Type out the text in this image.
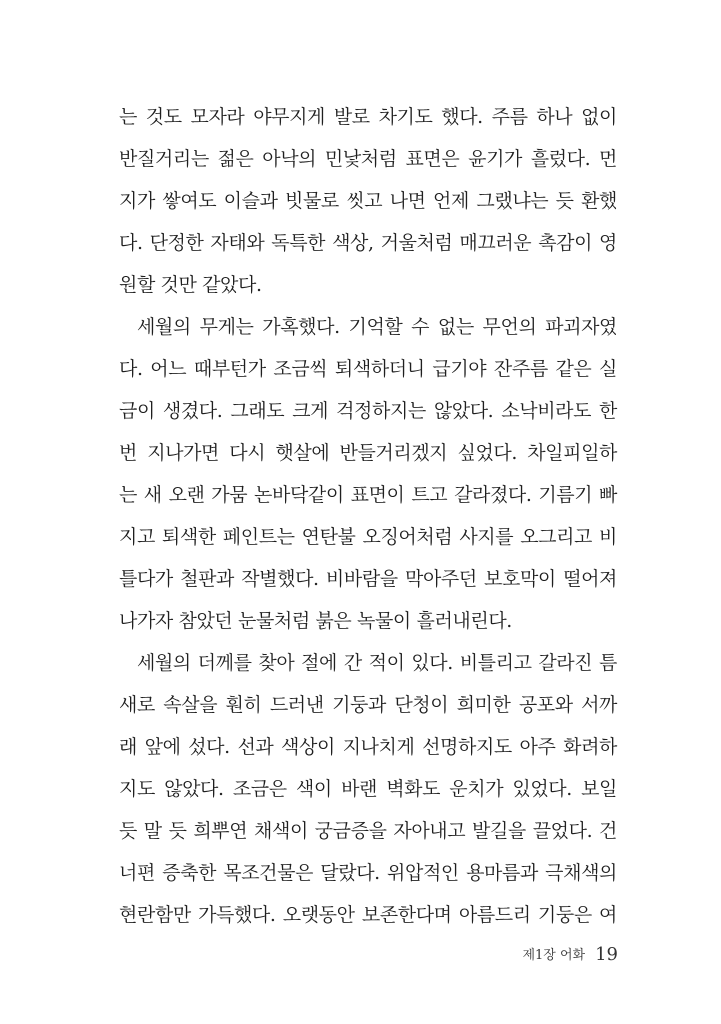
는 것도 모자라 야무지게 발로 차기도 했다. 주름 하나 없이
반질거리는 젊은 아낙의 민낯처럼 표면은 윤기가 흘렀다. 먼
지가 쌓여도 이슬과 빗물로 씻고 나면 언제 그랬냐는 듯 환했
다. 단정한 자태와 독특한 색상, 거울처럼 매끄러운 촉감이 영
원할 것만 같았다.
세월의 무게는 가혹했다. 기억할 수 없는 무언의 파괴자였
다. 어느 때부턴가 조금씩 퇴색하더니 급기야 잔주름 같은 실
금이 생겼다. 그래도 크게 걱정하지는 않았다. 소낙비라도 한
번 지나가면 다시 햇살에 반들거리겠지 싶었다. 차일피일하
는 새 오랜 가뭄 논바닥같이 표면이 트고 갈라졌다. 기름기 빠
지고 퇴색한 페인트는 연탄불 오징어처럼 사지를 오그리고 비
틀다가 철판과 작별했다. 비바람을 막아주던 보호막이 떨어져
나가자 참았던 눈물처럼 붉은 녹물이 흘러내린다.
세월의 더께를 찾아 절에 간 적이 있다. 비틀리고 갈라진 틈
새로 속살을 훤히 드러낸 기둥과 단청이 희미한 공포와 서까
래 앞에 섰다. 선과 색상이 지나치게 선명하지도 아주 화려하
지도 않았다. 조금은 색이 바랜 벽화도 운치가 있었다. 보일
듯 말 듯 희뿌연 채색이 궁금증을 자아내고 발길을 끌었다. 건
너편 증축한 목조건물은 달랐다. 위압적인 용마름과 극채색의
현란함만 가득했다. 오랫동안 보존한다며 아름드리 기둥은 여
제1장 어화 19
